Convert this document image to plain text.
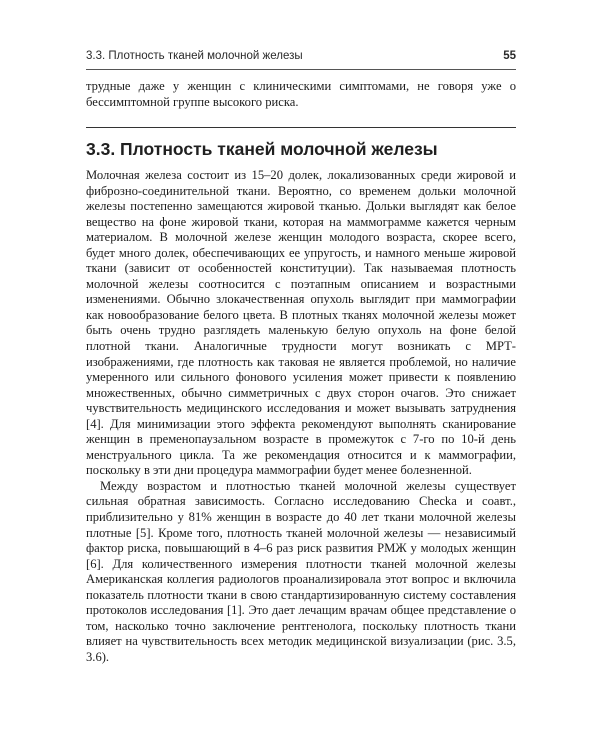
3.3. Плотность тканей молочной железы	55

трудные даже у женщин с клиническими симптомами, не говоря уже о бессимптомной группе высокого риска.

3.3. Плотность тканей молочной железы

Молочная железа состоит из 15–20 долек, локализованных среди жировой и фиброзно-соединительной ткани. Вероятно, со временем дольки молочной железы постепенно замещаются жировой тканью. Дольки выглядят как белое вещество на фоне жировой ткани, которая на маммограмме кажется черным материалом. В молочной железе женщин молодого возраста, скорее всего, будет много долек, обеспечивающих ее упругость, и намного меньше жировой ткани (зависит от особенностей конституции). Так называемая плотность молочной железы соотносится с поэтапным описанием и возрастными изменениями. Обычно злокачественная опухоль выглядит при маммографии как новообразование белого цвета. В плотных тканях молочной железы может быть очень трудно разглядеть маленькую белую опухоль на фоне белой плотной ткани. Аналогичные трудности могут возникать с МРТ-изображениями, где плотность как таковая не является проблемой, но наличие умеренного или сильного фонового усиления может привести к появлению множественных, обычно симметричных с двух сторон очагов. Это снижает чувствительность медицинского исследования и может вызывать затруднения [4]. Для минимизации этого эффекта рекомендуют выполнять сканирование женщин в пременопаузальном возрасте в промежуток с 7-го по 10-й день менструального цикла. Та же рекомендация относится и к маммографии, поскольку в эти дни процедура маммографии будет менее болезненной.

Между возрастом и плотностью тканей молочной железы существует сильная обратная зависимость. Согласно исследованию Checka и соавт., приблизительно у 81% женщин в возрасте до 40 лет ткани молочной железы плотные [5]. Кроме того, плотность тканей молочной железы — независимый фактор риска, повышающий в 4–6 раз риск развития РМЖ у молодых женщин [6]. Для количественного измерения плотности тканей молочной железы Американская коллегия радиологов проанализировала этот вопрос и включила показатель плотности ткани в свою стандартизированную систему составления протоколов исследования [1]. Это дает лечащим врачам общее представление о том, насколько точно заключение рентгенолога, поскольку плотность ткани влияет на чувствительность всех методик медицинской визуализации (рис. 3.5, 3.6).
